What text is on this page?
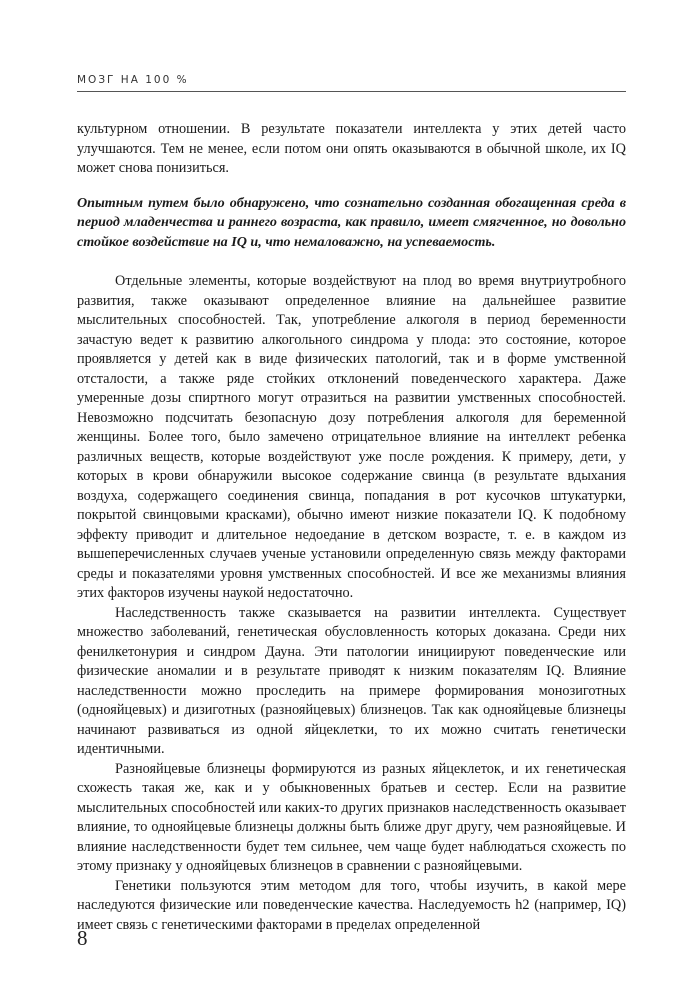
МОЗГ НА 100 %

культурном отношении. В результате показатели интеллекта у этих детей часто улучшаются. Тем не менее, если потом они опять оказываются в обычной школе, их IQ может снова понизиться.

Опытным путем было обнаружено, что сознательно созданная обогащенная среда в период младенчества и раннего возраста, как правило, имеет смягченное, но довольно стойкое воздействие на IQ и, что немаловажно, на успеваемость.

Отдельные элементы, которые воздействуют на плод во время внутриутробного развития, также оказывают определенное влияние на дальнейшее развитие мыслительных способностей. Так, употребление алкоголя в период беременности зачастую ведет к развитию алкогольного синдрома у плода: это состояние, которое проявляется у детей как в виде физических патологий, так и в форме умственной отсталости, а также ряде стойких отклонений поведенческого характера. Даже умеренные дозы спиртного могут отразиться на развитии умственных способностей. Невозможно подсчитать безопасную дозу потребления алкоголя для беременной женщины. Более того, было замечено отрицательное влияние на интеллект ребенка различных веществ, которые воздействуют уже после рождения. К примеру, дети, у которых в крови обнаружили высокое содержание свинца (в результате вдыхания воздуха, содержащего соединения свинца, попадания в рот кусочков штукатурки, покрытой свинцовыми красками), обычно имеют низкие показатели IQ. К подобному эффекту приводит и длительное недоедание в детском возрасте, т. е. в каждом из вышеперечисленных случаев ученые установили определенную связь между факторами среды и показателями уровня умственных способностей. И все же механизмы влияния этих факторов изучены наукой недостаточно.

Наследственность также сказывается на развитии интеллекта. Существует множество заболеваний, генетическая обусловленность которых доказана. Среди них фенилкетонурия и синдром Дауна. Эти патологии инициируют поведенческие или физические аномалии и в результате приводят к низким показателям IQ. Влияние наследственности можно проследить на примере формирования монозиготных (однояйцевых) и дизиготных (разнояйцевых) близнецов. Так как однояйцевые близнецы начинают развиваться из одной яйцеклетки, то их можно считать генетически идентичными.

Разнояйцевые близнецы формируются из разных яйцеклеток, и их генетическая схожесть такая же, как и у обыкновенных братьев и сестер. Если на развитие мыслительных способностей или каких-то других признаков наследственность оказывает влияние, то однояйцевые близнецы должны быть ближе друг другу, чем разнояйцевые. И влияние наследственности будет тем сильнее, чем чаще будет наблюдаться схожесть по этому признаку у однояйцевых близнецов в сравнении с разнояйцевыми.

Генетики пользуются этим методом для того, чтобы изучить, в какой мере наследуются физические или поведенческие качества. Наследуемость h2 (например, IQ) имеет связь с генетическими факторами в пределах определенной

8
